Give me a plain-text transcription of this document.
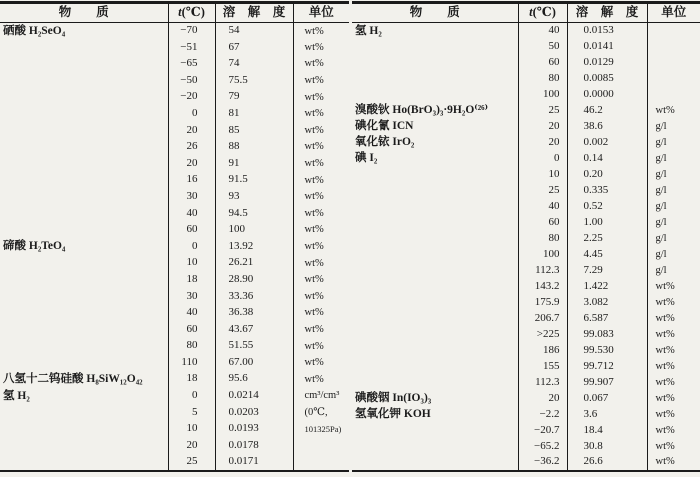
物　　质	t(℃)	溶　解　度	单位
硒酸 H₂SeO₄	−70	54	wt%
	−51	67	wt%
	−65	74	wt%
	−50	75.5	wt%
	−20	79	wt%
	0	81	wt%
	20	85	wt%
	26	88	wt%
	20	91	wt%
	16	91.5	wt%
	30	93	wt%
	40	94.5	wt%
	60	100	wt%
碲酸 H₂TeO₄	0	13.92	wt%
	10	26.21	wt%
	18	28.90	wt%
	30	33.36	wt%
	40	36.38	wt%
	60	43.67	wt%
	80	51.55	wt%
	110	67.00	wt%
八氢十二钨硅酸 H₈SiW₁₂O₄₂	18	95.6	wt%
氢 H₂	0	0.0214	cm³/cm³
	5	0.0203	(0℃,
	10	0.0193	101325Pa)
	20	0.0178	
	25	0.0171	
物　　质	t(℃)	溶　解　度	单位
氢 H₂	40	0.0153	
	50	0.0141	
	60	0.0129	
	80	0.0085	
	100	0.0000	
溴酸钬 Ho(BrO₃)₃·9H₂O⁽²⁶⁾	25	46.2	wt%
碘化氰 ICN	20	38.6	g/l
氧化铱 IrO₂	20	0.002	g/l
碘 I₂	0	0.14	g/l
	10	0.20	g/l
	25	0.335	g/l
	40	0.52	g/l
	60	1.00	g/l
	80	2.25	g/l
	100	4.45	g/l
	112.3	7.29	g/l
	143.2	1.422	wt%
	175.9	3.082	wt%
	206.7	6.587	wt%
	>225	99.083	wt%
	186	99.530	wt%
	155	99.712	wt%
	112.3	99.907	wt%
碘酸铟 In(IO₃)₃	20	0.067	wt%
氢氧化钾 KOH	−2.2	3.6	wt%
	−20.7	18.4	wt%
	−65.2	30.8	wt%
	−36.2	26.6	wt%
